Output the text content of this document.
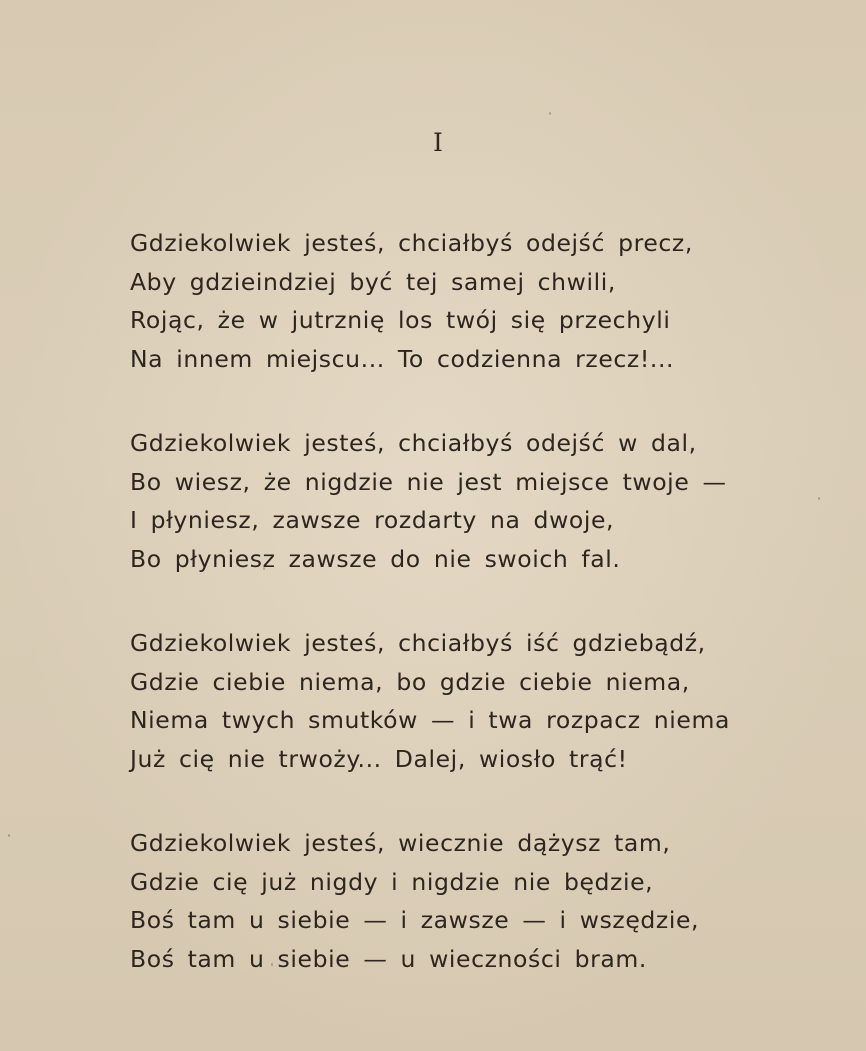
I
Gdziekolwiek jesteś, chciałbyś odejść precz,
Aby gdzieindziej być tej samej chwili,
Rojąc, że w jutrznię los twój się przechyli
Na innem miejscu... To codzienna rzecz!...
Gdziekolwiek jesteś, chciałbyś odejść w dal,
Bo wiesz, że nigdzie nie jest miejsce twoje —
I płyniesz, zawsze rozdarty na dwoje,
Bo płyniesz zawsze do nie swoich fal.
Gdziekolwiek jesteś, chciałbyś iść gdziebądź,
Gdzie ciebie niema, bo gdzie ciebie niema,
Niema twych smutków — i twa rozpacz niema
Już cię nie trwoży... Dalej, wiosło trąć!
Gdziekolwiek jesteś, wiecznie dążysz tam,
Gdzie cię już nigdy i nigdzie nie będzie,
Boś tam u siebie — i zawsze — i wszędzie,
Boś tam u siebie — u wieczności bram.
